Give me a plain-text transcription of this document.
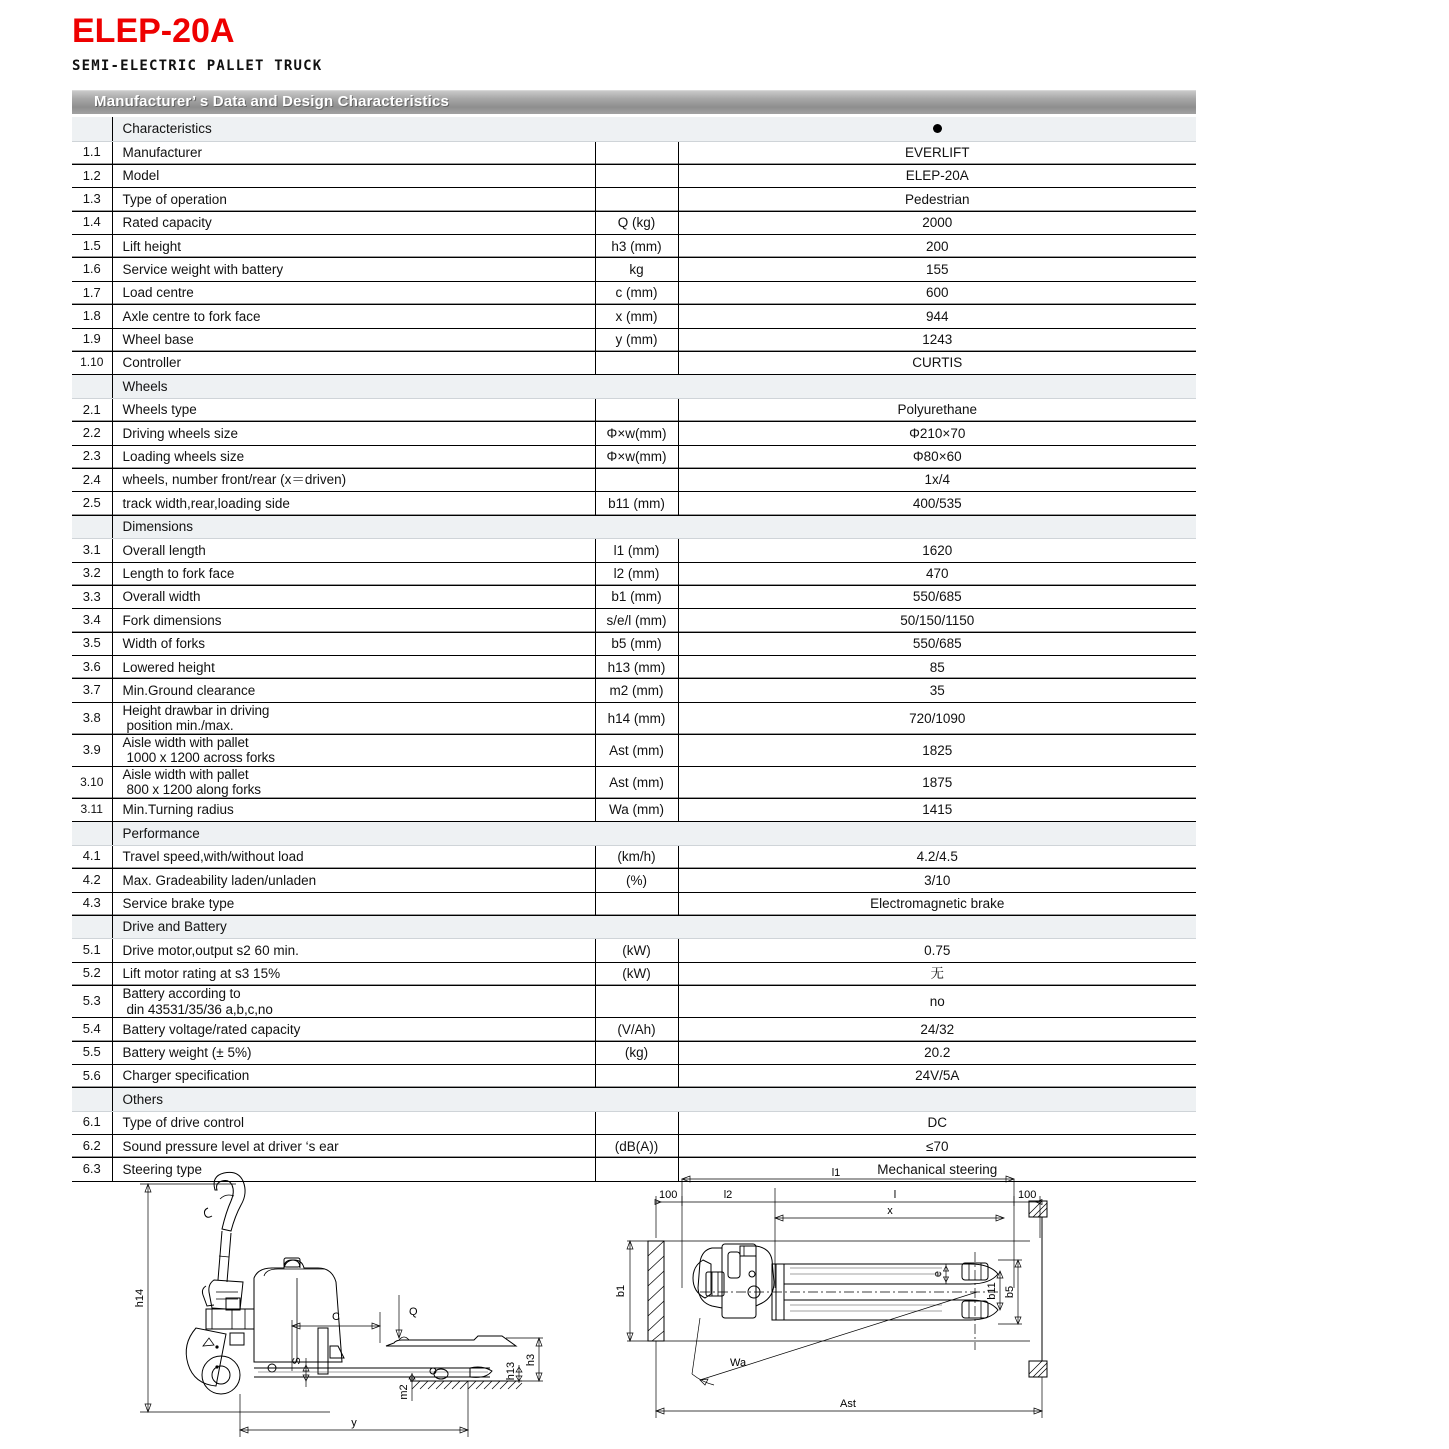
ELEP-20A
SEMI-ELECTRIC PALLET TRUCK
Manufacturer’ s Data and Design Characteristics
	Characteristics		

1.1	Manufacturer		EVERLIFT
1.2	Model		ELEP-20A
1.3	Type of operation		Pedestrian
1.4	Rated capacity	Q (kg)	2000
1.5	Lift height	h3 (mm)	200
1.6	Service weight with battery	kg	155
1.7	Load centre	c (mm)	600
1.8	Axle centre to fork face	x (mm)	944
1.9	Wheel base	y (mm)	1243
1.10	Controller		CURTIS
	Wheels		
2.1	Wheels type		Polyurethane
2.2	Driving wheels size	Φ×w(mm)	Φ210×70
2.3	Loading wheels size	Φ×w(mm)	Φ80×60
2.4	wheels, number front/rear (x＝driven)		1x/4
2.5	track width,rear,loading side	b11 (mm)	400/535
	Dimensions		
3.1	Overall length	l1 (mm)	1620
3.2	Length to fork face	l2 (mm)	470
3.3	Overall width	b1 (mm)	550/685
3.4	Fork dimensions	s/e/l (mm)	50/150/1150
3.5	Width of forks	b5 (mm)	550/685
3.6	Lowered height	h13 (mm)	85
3.7	Min.Ground clearance	m2 (mm)	35
3.8	Height drawbar in driving
position min./max.	h14 (mm)	720/1090
3.9	Aisle width with pallet
1000 x 1200 across forks	Ast (mm)	1825
3.10	Aisle width with pallet
800 x 1200 along forks	Ast (mm)	1875
3.11	Min.Turning radius	Wa (mm)	1415
	Performance		
4.1	Travel speed,with/without load	(km/h)	4.2/4.5
4.2	Max. Gradeability laden/unladen	(%)	3/10
4.3	Service brake type		Electromagnetic brake
	Drive and Battery		
5.1	Drive motor,output s2 60 min.	(kW)	0.75
5.2	Lift motor rating at s3 15%	(kW)	无
5.3	Battery according to
din 43531/35/36 a,b,c,no		no
5.4	Battery voltage/rated capacity	(V/Ah)	24/32
5.5	Battery weight (± 5%)	(kg)	20.2
5.6	Charger specification		24V/5A
	Others		
6.1	Type of drive control		DC
6.2	Sound pressure level at driver ‘s ear	(dB(A))	≤70
6.3	Steering type		Mechanical steering
h14
C	Q
S	h3
h13
m2
y
l1
100	100
l2	l
x
b1
e
b11 b5
Wa
Ast
